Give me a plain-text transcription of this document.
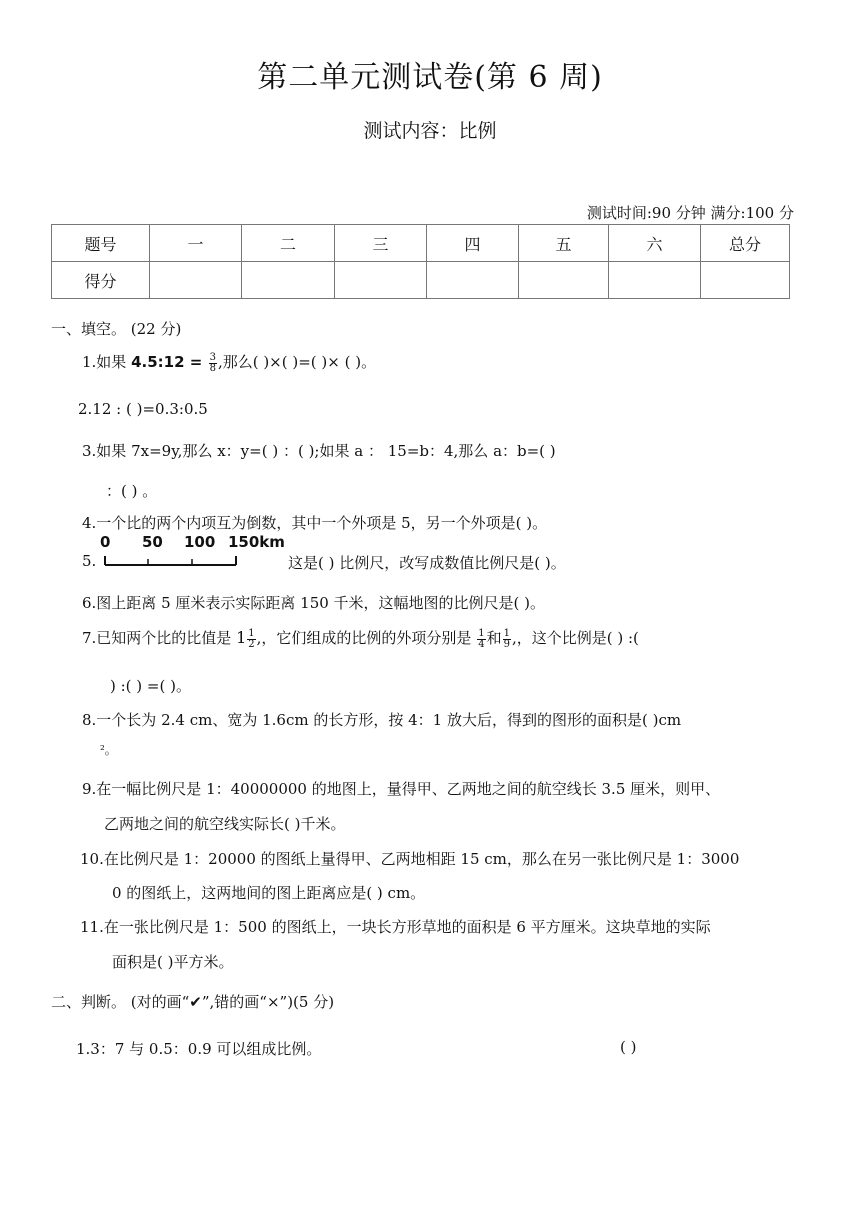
第二单元测试卷(第 6 周)
测试内容：比例
测试时间:90 分钟 满分:100 分
题号	一	二	三	四	五	六	总分
得分							
一、填空。 (22 分)
1.如果 4.5:12 = $\frac{3}{8}$ ,那么( )×( )=( )× ( )。
2.12 : ( )=0.3:0.5
3.如果 7x=9y,那么 x：y=( ) ：( );如果 a ： 15=b：4,那么 a：b=( )
：( ) 。
4.一个比的两个内项互为倒数，其中一个外项是 5，另一个外项是( )。
5.
0 50 100 150km
这是( ) 比例尺，改写成数值比例尺是( )。
6.图上距离 5 厘米表示实际距离 150 千米，这幅地图的比例尺是( )。
7.已知两个比的比值是 $1 \frac{1}{2}$ ,，它们组成的比例的外项分别是 $\frac{1}{4}$ 和 $\frac{1}{9}$ ,，这个比例是( ) :(
) :( ) =( )。
8.一个长为 2.4 cm、宽为 1.6cm 的长方形，按 4：1 放大后，得到的图形的面积是( )cm
²。
9.在一幅比例尺是 1：40000000 的地图上，量得甲、乙两地之间的航空线长 3.5 厘米，则甲、
乙两地之间的航空线实际长( )千米。
10.在比例尺是 1：20000 的图纸上量得甲、乙两地相距 15 cm，那么在另一张比例尺是 1：3000
0 的图纸上，这两地间的图上距离应是( ) cm。
11.在一张比例尺是 1：500 的图纸上，一块长方形草地的面积是 6 平方厘米。这块草地的实际
面积是( )平方米。
二、判断。 (对的画“✔”,错的画“×”)(5 分)
1.3：7 与 0.5：0.9 可以组成比例。	( )
